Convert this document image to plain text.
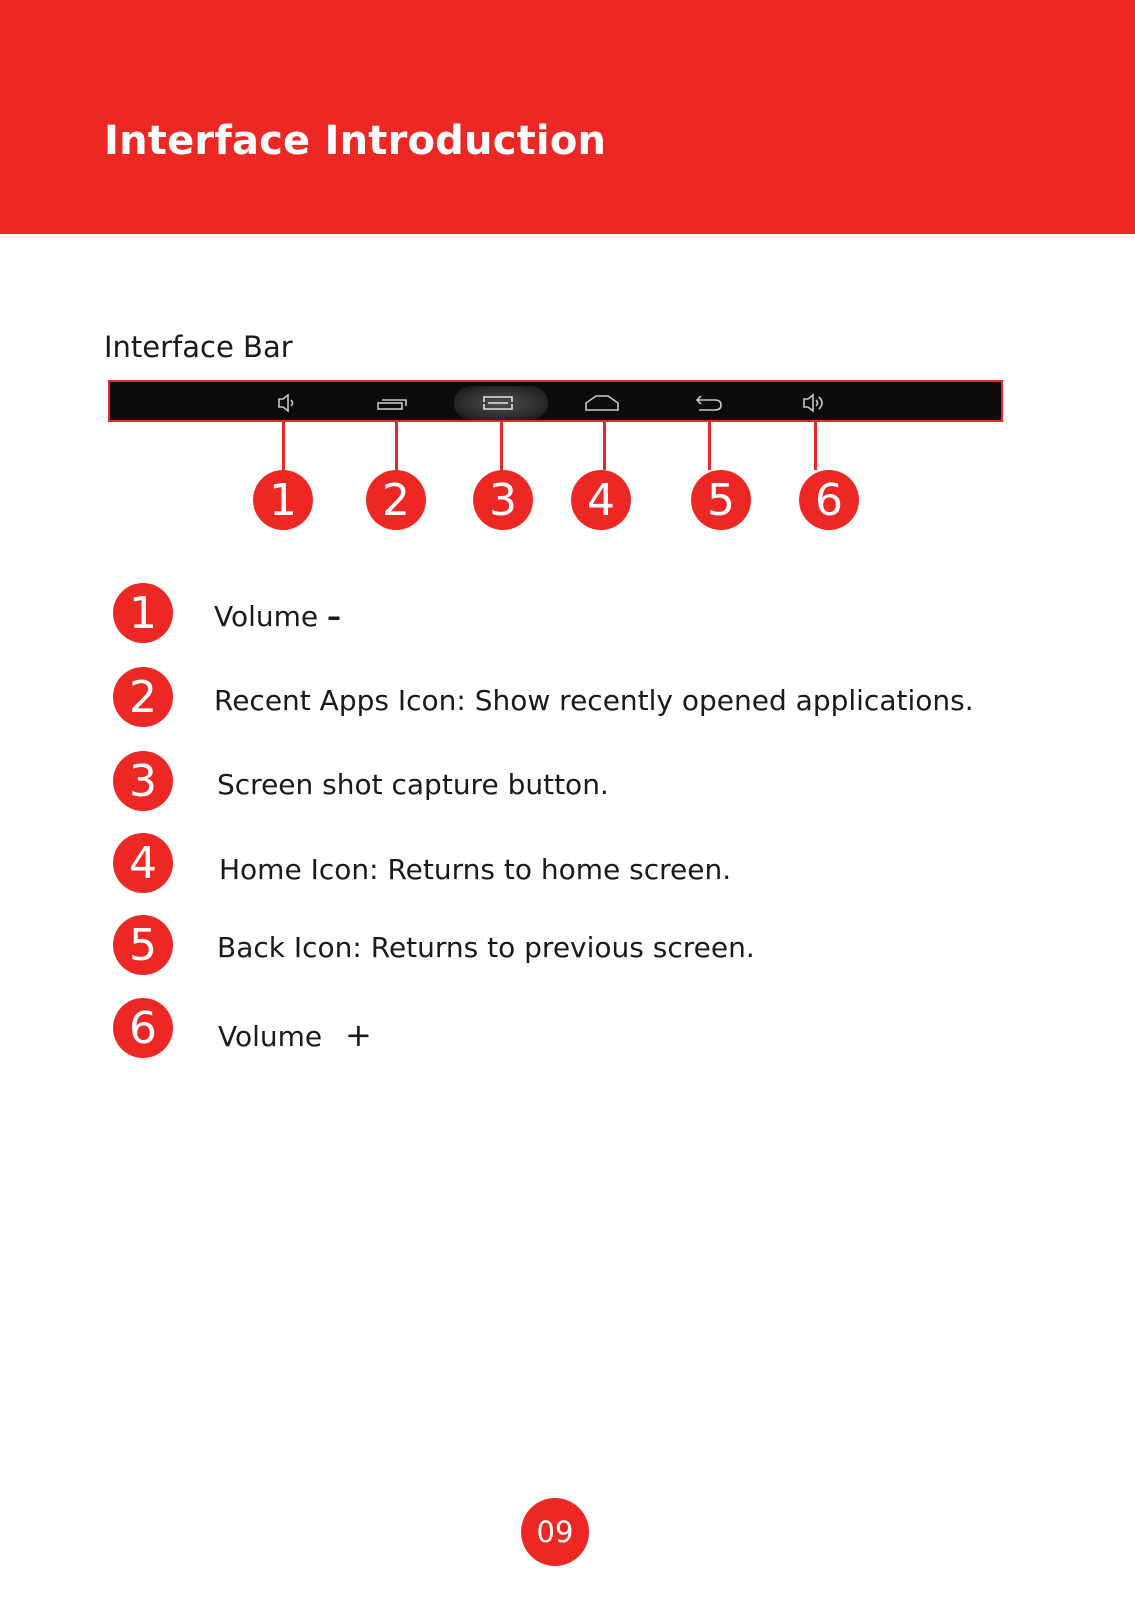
Interface Introduction
Interface Bar
1	2	3	4	5	6
1	Volume –
2	Recent Apps Icon: Show recently opened applications.
3	Screen shot capture button.
4	Home Icon: Returns to home screen.
5	Back Icon: Returns to previous screen.
6	Volume +
09
